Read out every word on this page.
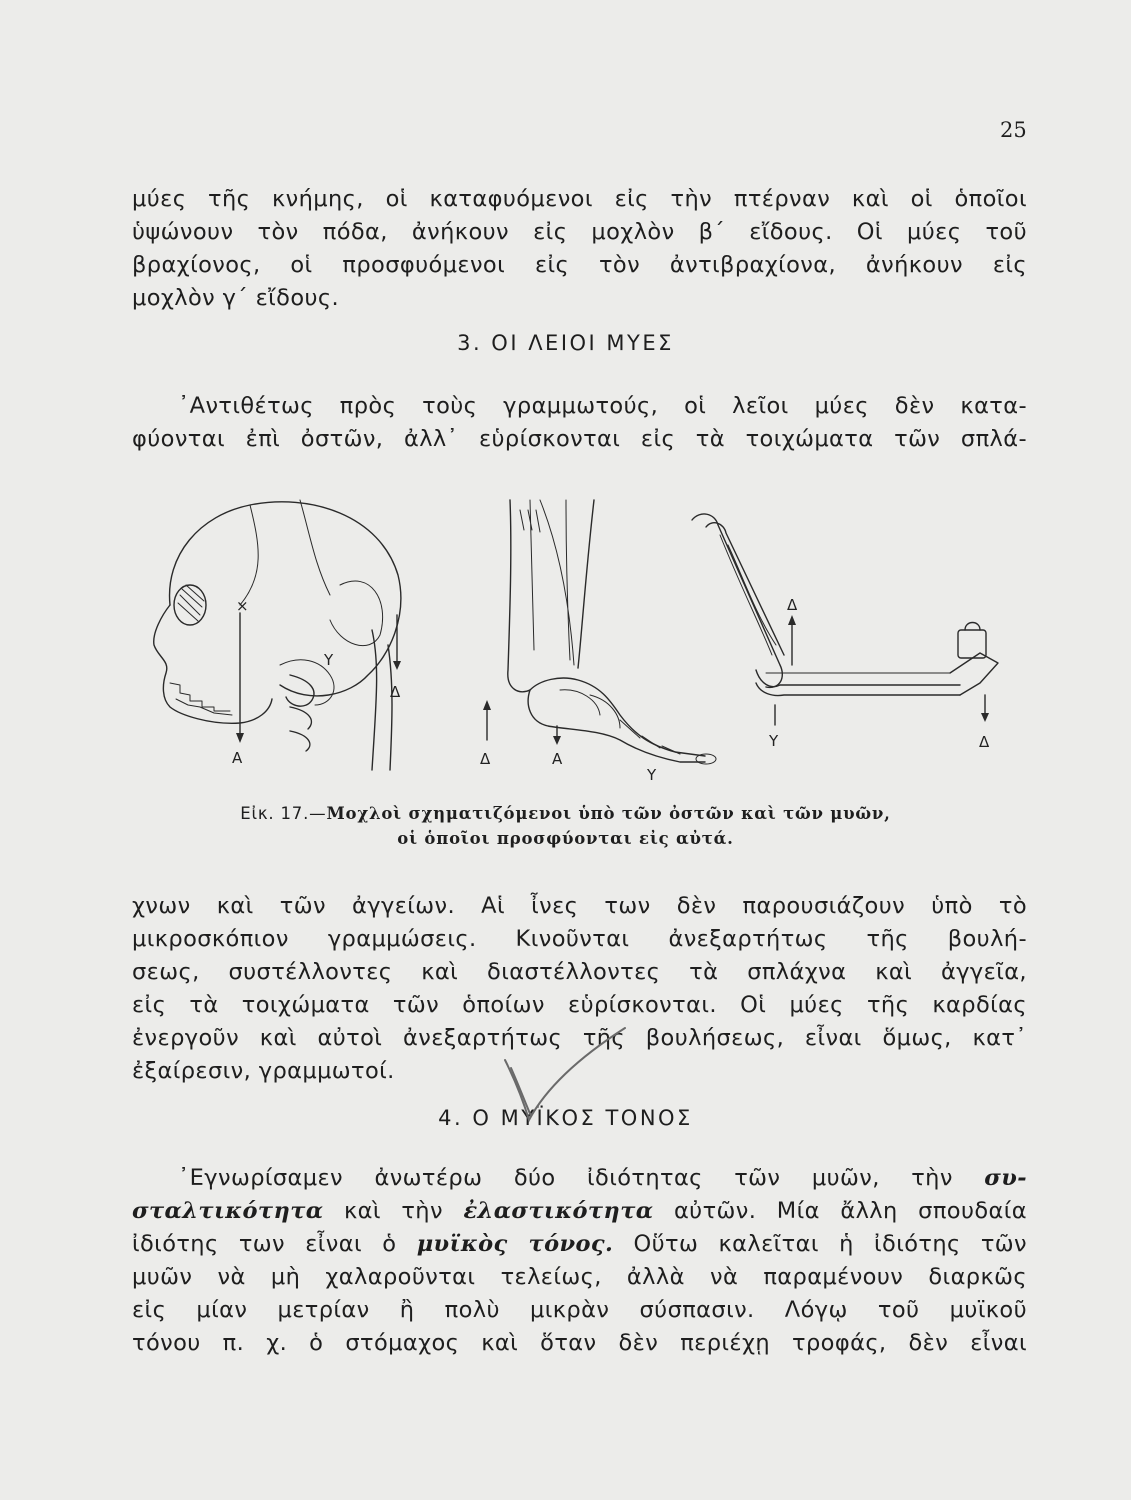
25
μύες τῆς κνήμης, οἱ καταφυόμενοι εἰς τὴν πτέρναν καὶ οἱ ὁποῖοι
ὑψώνουν τὸν πόδα, ἀνήκουν εἰς μοχλὸν β΄ εἴδους. Οἱ μύες τοῦ
βραχίονος, οἱ προσφυόμενοι εἰς τὸν ἀντιβραχίονα, ἀνήκουν εἰς
μοχλὸν γ΄ εἴδους.
3. ΟΙ ΛΕΙΟΙ ΜΥΕΣ
᾿Αντιθέτως πρὸς τοὺς γραμμωτούς, οἱ λεῖοι μύες δὲν κατα-
φύονται ἐπὶ ὀστῶν, ἀλλ᾿ εὑρίσκονται εἰς τὰ τοιχώματα τῶν σπλά-
×
Α
Υ
Δ
Δ	Α
Υ
Δ
Υ	Δ
Εἰκ. 17.—Μοχλοὶ σχηματιζόμενοι ὑπὸ τῶν ὀστῶν καὶ τῶν μυῶν,
οἱ ὁποῖοι προσφύονται εἰς αὐτά.
χνων καὶ τῶν ἀγγείων. Αἱ ἶνες των δὲν παρουσιάζουν ὑπὸ τὸ
μικροσκόπιον γραμμώσεις. Κινοῦνται ἀνεξαρτήτως τῆς βουλή-
σεως, συστέλλοντες καὶ διαστέλλοντες τὰ σπλάχνα καὶ ἀγγεῖα,
εἰς τὰ τοιχώματα τῶν ὁποίων εὑρίσκονται. Οἱ μύες τῆς καρδίας
ἐνεργοῦν καὶ αὐτοὶ ἀνεξαρτήτως τῆς βουλήσεως, εἶναι ὅμως, κατ᾿
ἐξαίρεσιν, γραμμωτοί.
4. Ο ΜΥΪΚΟΣ ΤΟΝΟΣ
᾿Εγνωρίσαμεν ἀνωτέρω δύο ἰδιότητας τῶν μυῶν, τὴν συ-
σταλτικότητα καὶ τὴν ἐλαστικότητα αὐτῶν. Μία ἄλλη σπουδαία
ἰδιότης των εἶναι ὁ μυϊκὸς τόνος. Οὕτω καλεῖται ἡ ἰδιότης τῶν
μυῶν νὰ μὴ χαλαροῦνται τελείως, ἀλλὰ νὰ παραμένουν διαρκῶς
εἰς μίαν μετρίαν ἢ πολὺ μικρὰν σύσπασιν. Λόγῳ τοῦ μυϊκοῦ
τόνου π. χ. ὁ στόμαχος καὶ ὅταν δὲν περιέχῃ τροφάς, δὲν εἶναι
